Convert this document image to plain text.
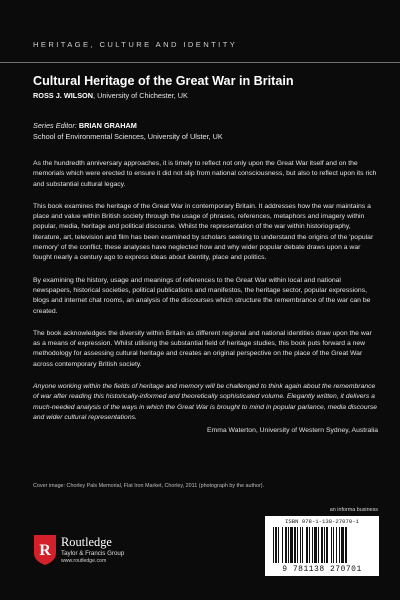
HERITAGE, CULTURE AND IDENTITY
Cultural Heritage of the Great War in Britain
ROSS J. WILSON, University of Chichester, UK
Series Editor: BRIAN GRAHAM
School of Environmental Sciences, University of Ulster, UK

As the hundredth anniversary approaches, it is timely to reflect not only upon the Great War itself and on the memorials which were erected to ensure it did not slip from national consciousness, but also to reflect upon its rich and substantial cultural legacy.

This book examines the heritage of the Great War in contemporary Britain. It addresses how the war maintains a place and value within British society through the usage of phrases, references, metaphors and imagery within popular, media, heritage and political discourse. Whilst the representation of the war within historiography, literature, art, television and film has been examined by scholars seeking to understand the origins of the 'popular memory' of the conflict, these analyses have neglected how and why wider popular debate draws upon a war fought nearly a century ago to express ideas about identity, place and politics.

By examining the history, usage and meanings of references to the Great War within local and national newspapers, historical societies, political publications and manifestos, the heritage sector, popular expressions, blogs and internet chat rooms, an analysis of the discourses which structure the remembrance of the war can be created.

The book acknowledges the diversity within Britain as different regional and national identities draw upon the war as a means of expression. Whilst utilising the substantial field of heritage studies, this book puts forward a new methodology for assessing cultural heritage and creates an original perspective on the place of the Great War across contemporary British society.

Anyone working within the fields of heritage and memory will be challenged to think again about the remembrance of war after reading this historically-informed and theoretically sophisticated volume. Elegantly written, it delivers a much-needed analysis of the ways in which the Great War is brought to mind in popular parlance, media discourse and wider cultural representations.

Emma Waterton, University of Western Sydney, Australia

Cover image: Chorley Pals Memorial, Flat Iron Market, Chorley, 2011 (photograph by the author).
an informa business
R
Routledge
Taylor & Francis Group
www.routledge.com
ISBN 978-1-138-27070-1
9 781138 270701
